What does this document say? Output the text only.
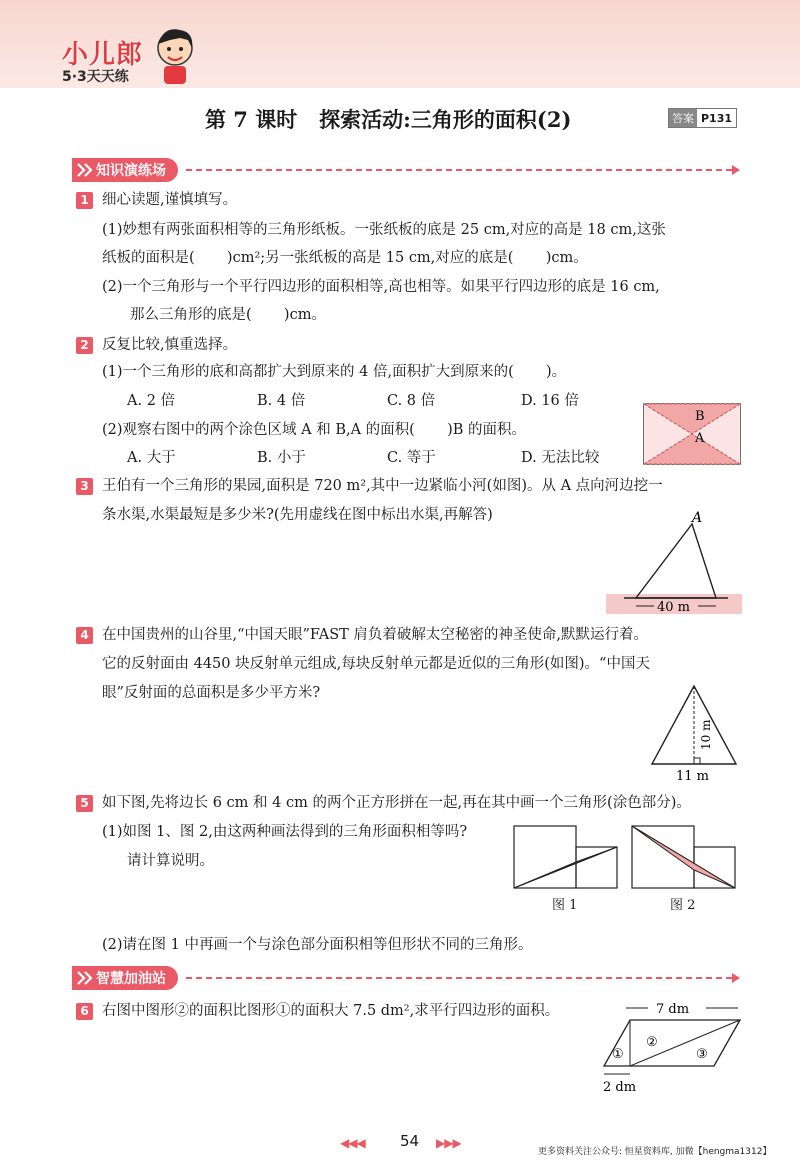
小儿郎
5·3天天练
第 7 课时   探索活动:三角形的面积(2)	答案 P131
知识演练场
1 细心读题,谨慎填写。
(1)妙想有两张面积相等的三角形纸板。一张纸板的底是 25 cm,对应的高是 18 cm,这张
纸板的面积是(       )cm²;另一张纸板的高是 15 cm,对应的底是(       )cm。
(2)一个三角形与一个平行四边形的面积相等,高也相等。如果平行四边形的底是 16 cm,
那么三角形的底是(       )cm。
2 反复比较,慎重选择。
(1)一个三角形的底和高都扩大到原来的 4 倍,面积扩大到原来的(       )。
A. 2 倍	B. 4 倍	C. 8 倍	D. 16 倍
(2)观察右图中的两个涂色区域 A 和 B,A 的面积(       )B 的面积。
A. 大于	B. 小于	C. 等于	D. 无法比较
B
A
3 王伯有一个三角形的果园,面积是 720 m²,其中一边紧临小河(如图)。从 A 点向河边挖一
条水渠,水渠最短是多少米?(先用虚线在图中标出水渠,再解答)	A
40 m
4 在中国贵州的山谷里,“中国天眼”FAST 肩负着破解太空秘密的神圣使命,默默运行着。
它的反射面由 4450 块反射单元组成,每块反射单元都是近似的三角形(如图)。“中国天
眼”反射面的总面积是多少平方米?
10 m
11 m
5 如下图,先将边长 6 cm 和 4 cm 的两个正方形拼在一起,再在其中画一个三角形(涂色部分)。
(1)如图 1、图 2,由这两种画法得到的三角形面积相等吗?
请计算说明。
图 1	图 2
(2)请在图 1 中再画一个与涂色部分面积相等但形状不同的三角形。
智慧加油站
6 右图中图形②的面积比图形①的面积大 7.5 dm²,求平行四边形的面积。	7 dm
①
②
③
2 dm
◀◀◀ 54 ▶▶▶
更多资料关注公众号: 恒星资料库, 加微【hengma1312】
